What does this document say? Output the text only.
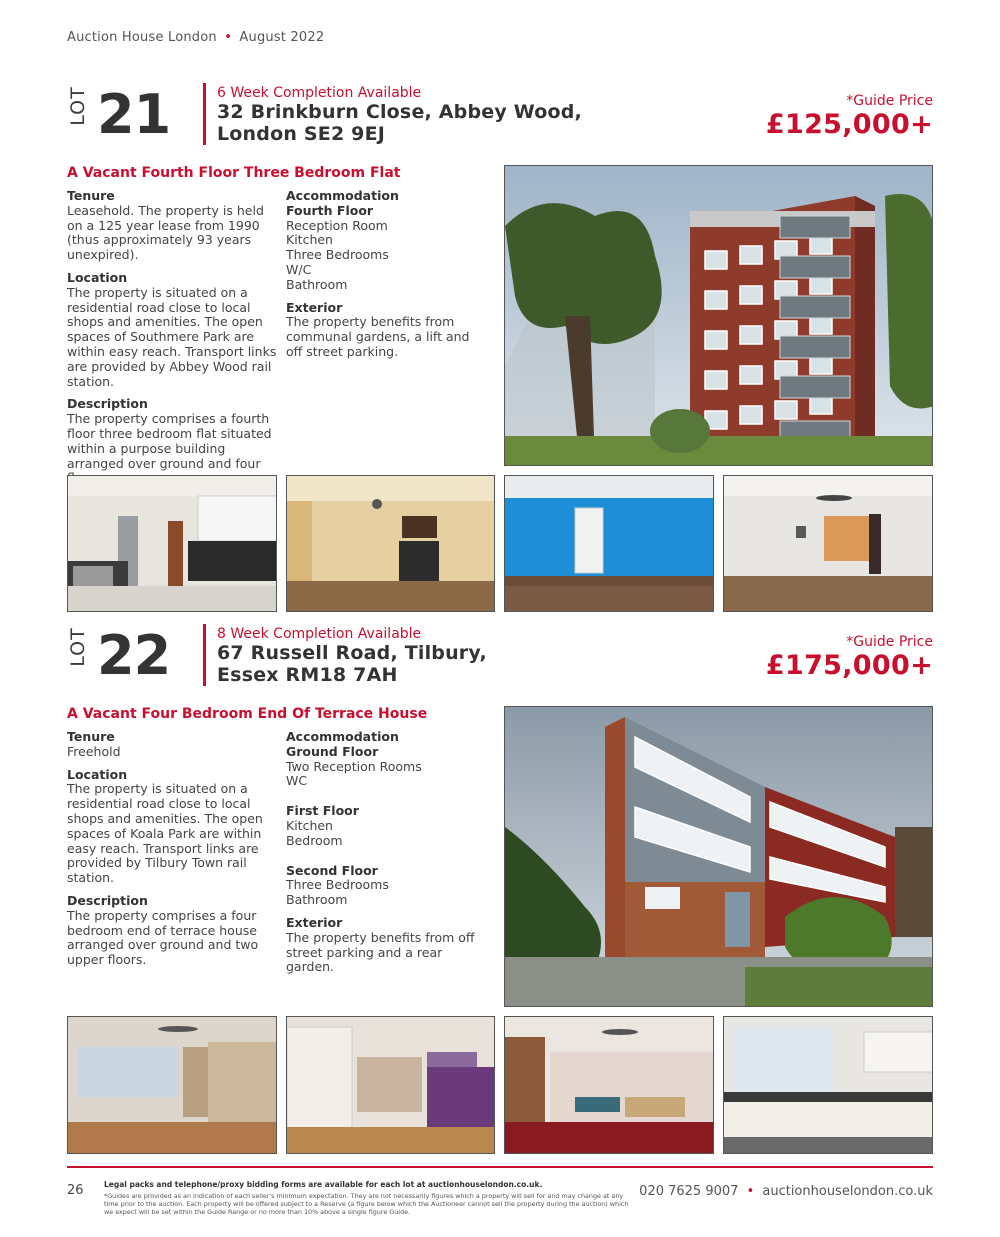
Auction House London • August 2022
LOT 21	6 Week Completion Available
32 Brinkburn Close, Abbey Wood,
London SE2 9EJ
*Guide Price
£125,000+
A Vacant Fourth Floor Three Bedroom Flat
Tenure

Leasehold. The property is held on a 125 year lease from 1990 (thus approximately 93 years unexpired).

Location

The property is situated on a residential road close to local shops and amenities. The open spaces of Southmere Park are within easy reach. Transport links are provided by Abbey Wood rail station.

Description

The property comprises a fourth floor three bedroom flat situated within a purpose building arranged over ground and four

Accommodation
Fourth Floor
Reception Room
Kitchen
Three Bedrooms
W/C
Bathroom
Exterior

The property benefits from communal gardens, a lift and off street parking.

LOT 22	8 Week Completion Available
67 Russell Road, Tilbury,
Essex RM18 7AH
*Guide Price
£175,000+
A Vacant Four Bedroom End Of Terrace House
Tenure

Freehold

Location

The property is situated on a residential road close to local shops and amenities. The open spaces of Koala Park are within easy reach. Transport links are provided by Tilbury Town rail station.

Description

The property comprises a four bedroom end of terrace house arranged over ground and two upper floors.

Accommodation
Ground Floor
Two Reception Rooms
WC
First Floor
Kitchen
Bedroom
Second Floor
Three Bedrooms
Bathroom
Exterior

The property benefits from off street parking and a rear garden.

26	Legal packs and telephone/proxy bidding forms are available for each lot at auctionhouselondon.co.uk.
*Guides are provided as an indication of each seller's minimum expectation. They are not necessarily figures which a property will sell for and may change at any time prior to the auction. Each property will be offered subject to a Reserve (a figure below which the Auctioneer cannot sell the property during the auction) which we expect will be set within the Guide Range or no more than 10% above a single figure Guide.
020 7625 9007 • auctionhouselondon.co.uk
